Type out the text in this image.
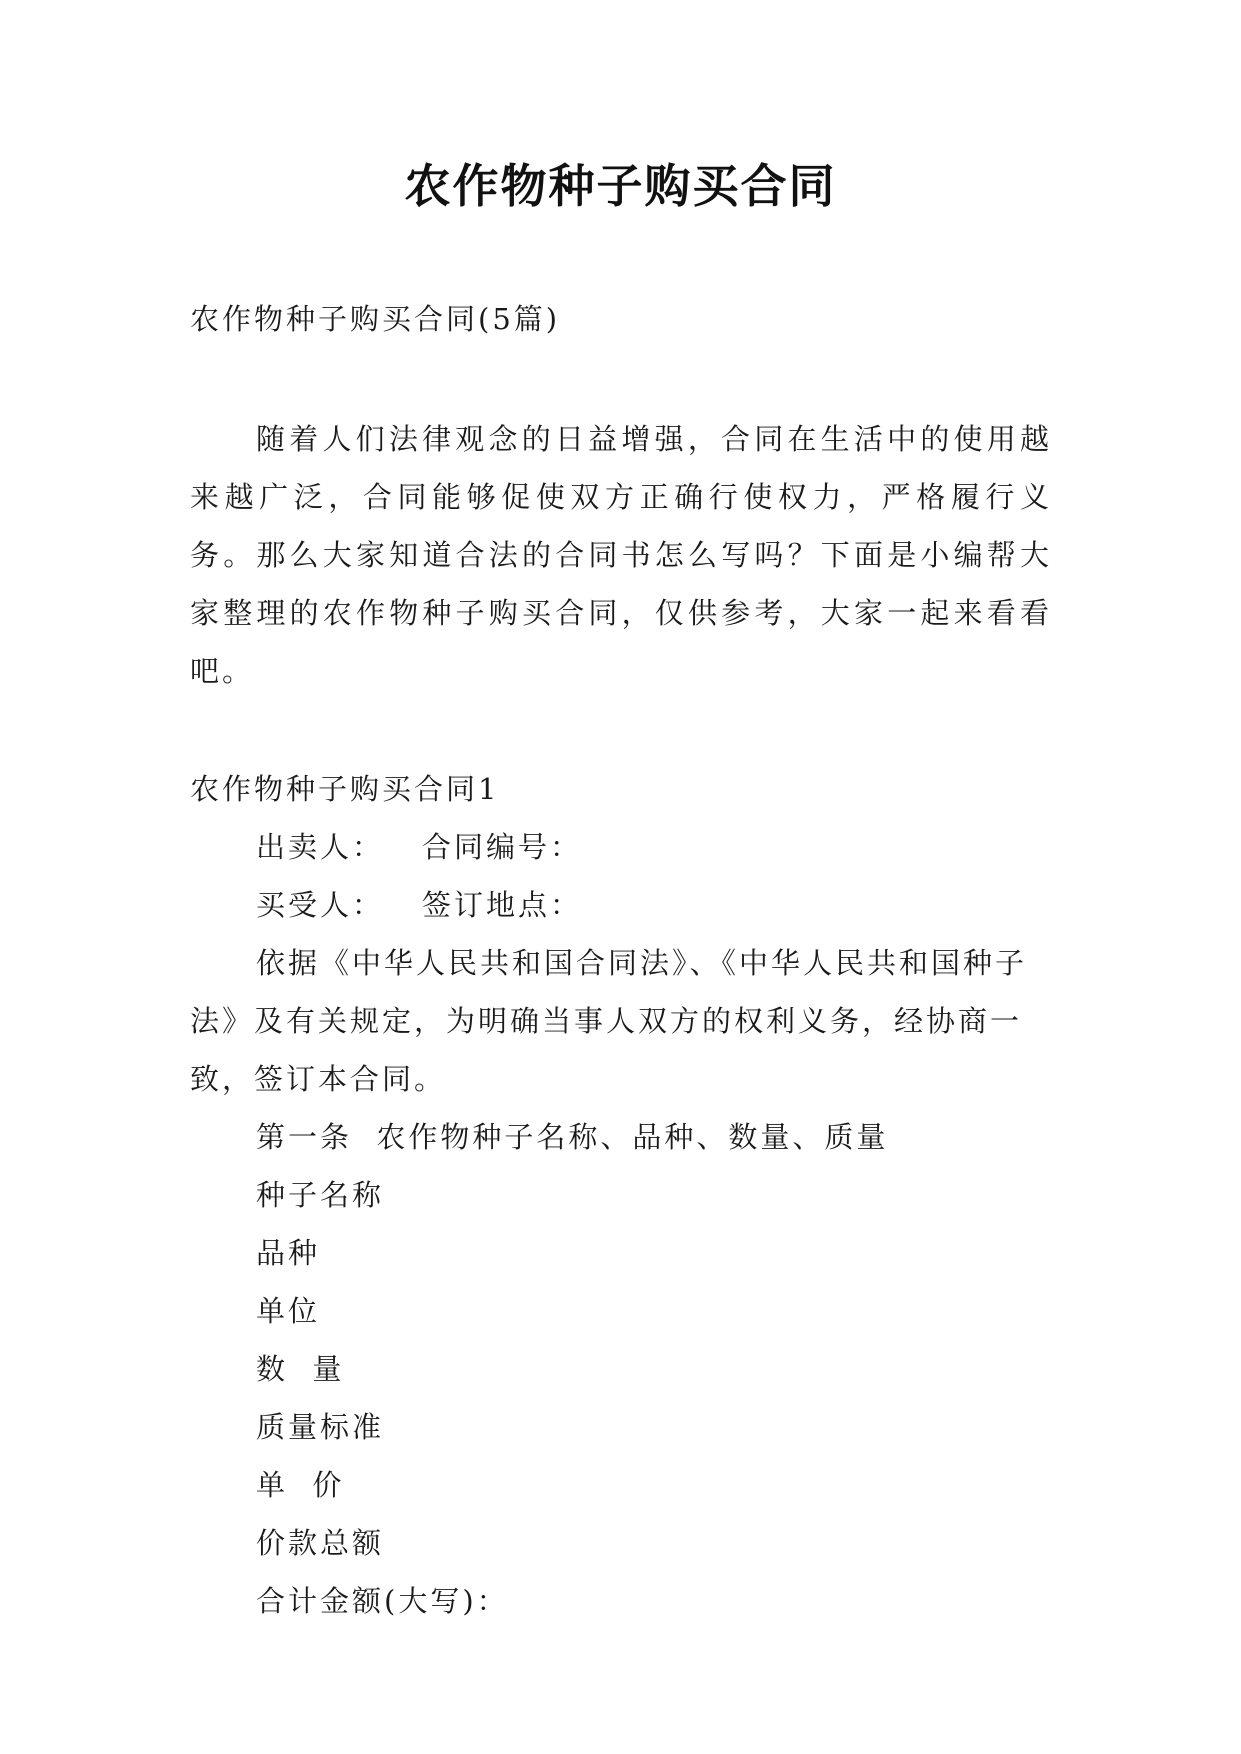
农作物种子购买合同

农作物种子购买合同(5篇)

随着人们法律观念的日益增强，合同在生活中的使用越来越广泛，合同能够促使双方正确行使权力，严格履行义务。那么大家知道合法的合同书怎么写吗？下面是小编帮大家整理的农作物种子购买合同，仅供参考，大家一起来看看吧。

农作物种子购买合同1

出卖人： 合同编号：

买受人： 签订地点：

依据《中华人民共和国合同法》、《中华人民共和国种子法》及有关规定，为明确当事人双方的权利义务，经协商一致，签订本合同。

第一条  农作物种子名称、品种、数量、质量

种子名称

品种

单位

数  量

质量标准

单  价

价款总额

合计金额(大写)：
